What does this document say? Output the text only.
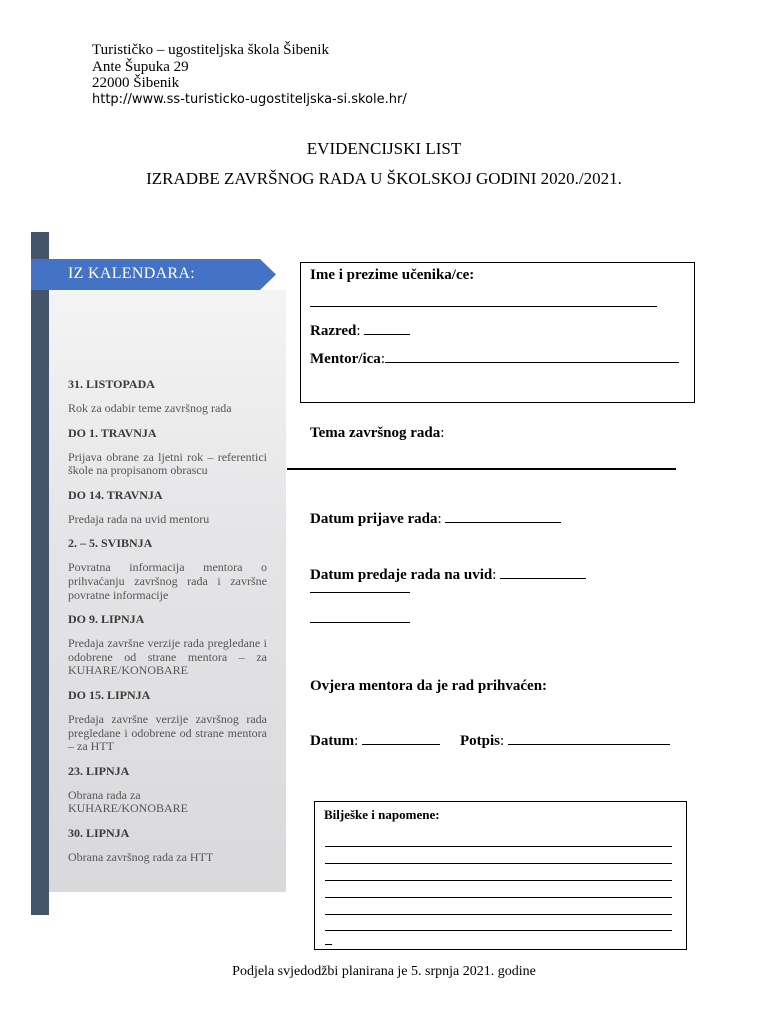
Turističko – ugostiteljska škola Šibenik
Ante Šupuka 29
22000 Šibenik
http://www.ss-turisticko-ugostiteljska-si.skole.hr/
EVIDENCIJSKI LIST
IZRADBE ZAVRŠNOG RADA U ŠKOLSKOJ GODINI 2020./2021.
IZ KALENDARA:
31. LISTOPADA
Rok za odabir teme završnog rada
DO 1. TRAVNJA
Prijava obrane za ljetni rok – referentici škole na propisanom obrascu
DO 14. TRAVNJA
Predaja rada na uvid mentoru
2. – 5. SVIBNJA
Povratna informacija mentora o prihvaćanju završnog rada i završne povratne informacije
DO 9. LIPNJA
Predaja završne verzije rada pregledane i odobrene od strane mentora – za KUHARE/KONOBARE
DO 15. LIPNJA
Predaja završne verzije završnog rada pregledane i odobrene od strane mentora – za HTT
23. LIPNJA
Obrana rada za KUHARE/KONOBARE
30. LIPNJA
Obrana završnog rada za HTT
Ime i prezime učenika/ce:
Razred:
Mentor/ica:
Tema završnog rada:
Datum prijave rada:
Datum predaje rada na uvid:
Ovjera mentora da je rad prihvaćen:
Datum:	Potpis:
Bilješke i napomene:
Podjela svjedodžbi planirana je 5. srpnja 2021. godine
